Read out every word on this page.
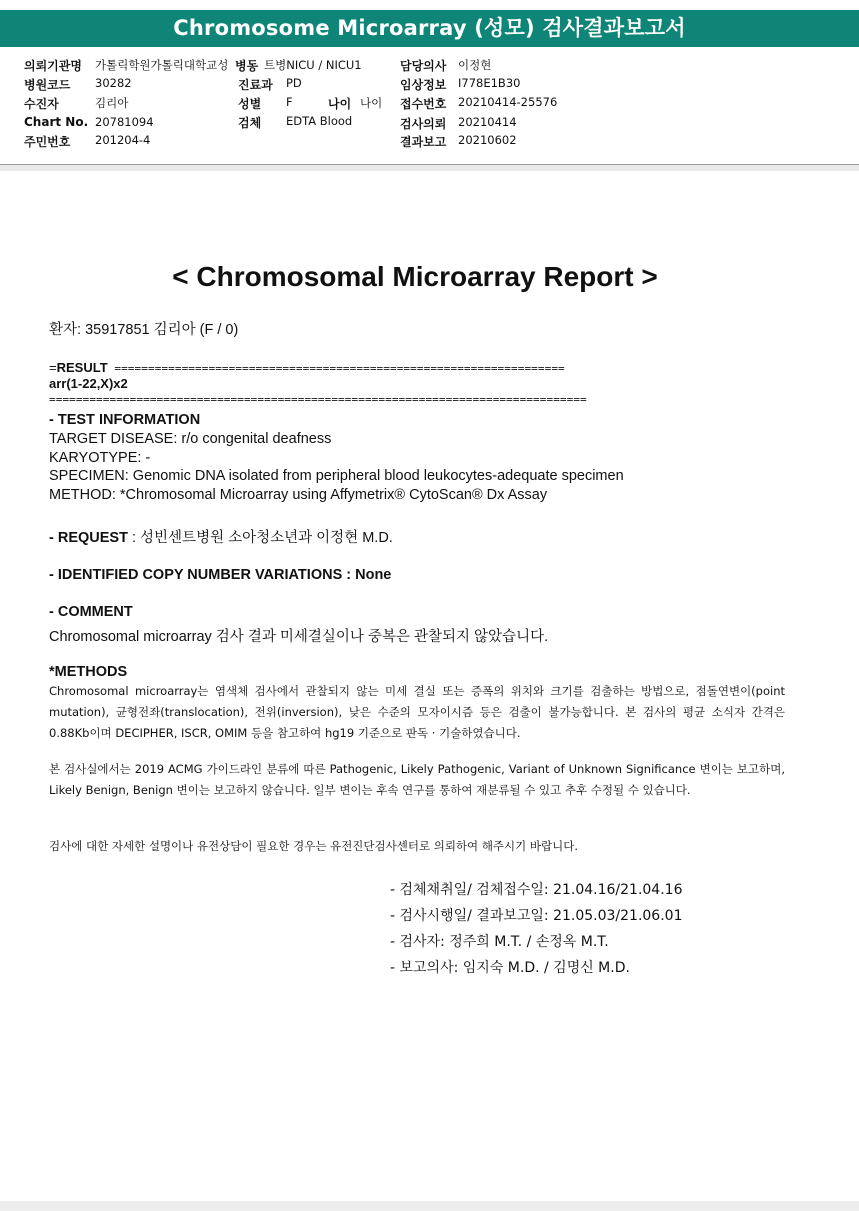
Chromosome Microarray (성모) 검사결과보고서
의뢰기관명 가톨릭학원가톨릭대학교성 병동 트병NICU / NICU1	담당의사 이정현
병원코드 30282	진료과 PD	임상정보 I778E1B30
수진자	김리아	성별 F	나이 나이 접수번호 20210414-25576
Chart No. 20781094	검체 EDTA Blood	검사의뢰 20210414
주민번호 201204-4	결과보고 20210602
< Chromosomal Microarray Report >
환자: 35917851 김리아 (F / 0)
=RESULT ===================================================================
arr(1-22,X)x2
================================================================================
- TEST INFORMATION
TARGET DISEASE: r/o congenital deafness
KARYOTYPE: -
SPECIMEN: Genomic DNA isolated from peripheral blood leukocytes-adequate specimen
METHOD: *Chromosomal Microarray using Affymetrix® CytoScan® Dx Assay
- REQUEST : 성빈센트병원 소아청소년과 이정현 M.D.
- IDENTIFIED COPY NUMBER VARIATIONS : None
- COMMENT
Chromosomal microarray 검사 결과 미세결실이나 중복은 관찰되지 않았습니다.
*METHODS
Chromosomal microarray는 염색체 검사에서 관찰되지 않는 미세 결실 또는 증폭의 위치와 크기를 검출하는 방법으로, 점돌연변이(point mutation), 균형전좌(translocation), 전위(inversion), 낮은 수준의 모자이시즘 등은 검출이 불가능합니다. 본 검사의 평균 소식자 간격은 0.88Kb이며 DECIPHER, ISCR, OMIM 등을 참고하여 hg19 기준으로 판독 · 기술하였습니다.
본 검사실에서는 2019 ACMG 가이드라인 분류에 따른 Pathogenic, Likely Pathogenic, Variant of Unknown Significance 변이는 보고하며, Likely Benign, Benign 변이는 보고하지 않습니다. 일부 변이는 후속 연구를 통하여 재분류될 수 있고 추후 수정될 수 있습니다.
검사에 대한 자세한 설명이나 유전상담이 필요한 경우는 유전진단검사센터로 의뢰하여 해주시기 바랍니다.
- 검체채취일/ 검체접수일: 21.04.16/21.04.16
- 검사시행일/ 결과보고일: 21.05.03/21.06.01
- 검사자: 정주희 M.T. / 손정옥 M.T.
- 보고의사: 임지숙 M.D. / 김명신 M.D.
